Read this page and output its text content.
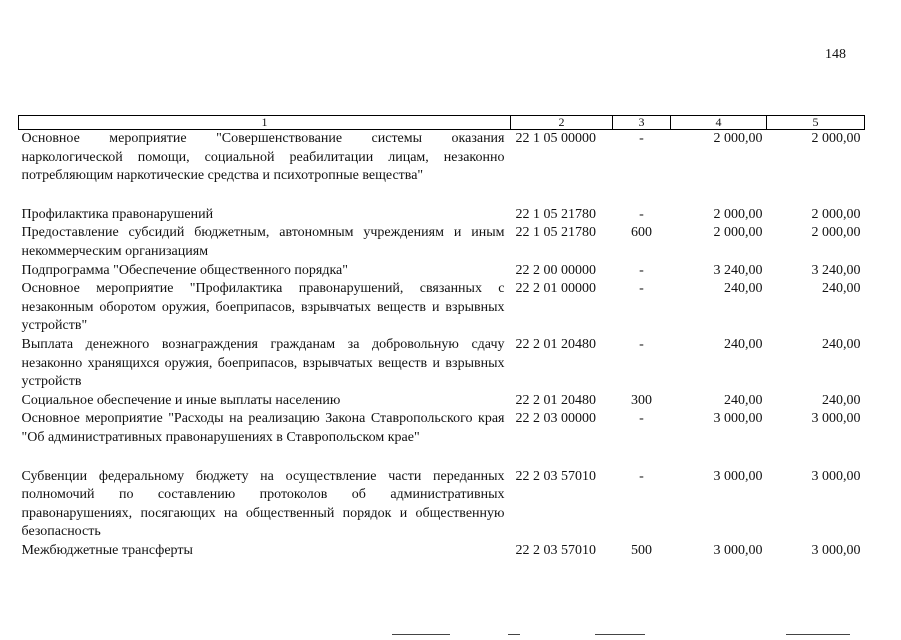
148
1	2	3	4	5
Основное мероприятие "Совершенствование системы оказания наркологической помощи, социальной реабилитации лицам, незаконно потребляющим наркотические средства и психотропные вещества"	22 1 05 00000	-	2 000,00	2 000,00

Профилактика правонарушений	22 1 05 21780	-	2 000,00	2 000,00
Предоставление субсидий бюджетным, автономным учреждениям и иным некоммерческим организациям	22 1 05 21780	600	2 000,00	2 000,00
Подпрограмма "Обеспечение общественного порядка"	22 2 00 00000	-	3 240,00	3 240,00
Основное мероприятие "Профилактика правонарушений, связанных с незаконным оборотом оружия, боеприпасов, взрывчатых веществ и взрывных устройств"	22 2 01 00000	-	240,00	240,00
Выплата денежного вознаграждения гражданам за добровольную сдачу незаконно хранящихся оружия, боеприпасов, взрывчатых веществ и взрывных устройств	22 2 01 20480	-	240,00	240,00
Социальное обеспечение и иные выплаты населению	22 2 01 20480	300	240,00	240,00
Основное мероприятие "Расходы на реализацию Закона Ставропольского края "Об административных правонарушениях в Ставропольском крае"	22 2 03 00000	-	3 000,00	3 000,00

Субвенции федеральному бюджету на осуществление части переданных полномочий по составлению протоколов об административных правонарушениях, посягающих на общественный порядок и общественную безопасность	22 2 03 57010	-	3 000,00	3 000,00
Межбюджетные трансферты	22 2 03 57010	500	3 000,00	3 000,00
